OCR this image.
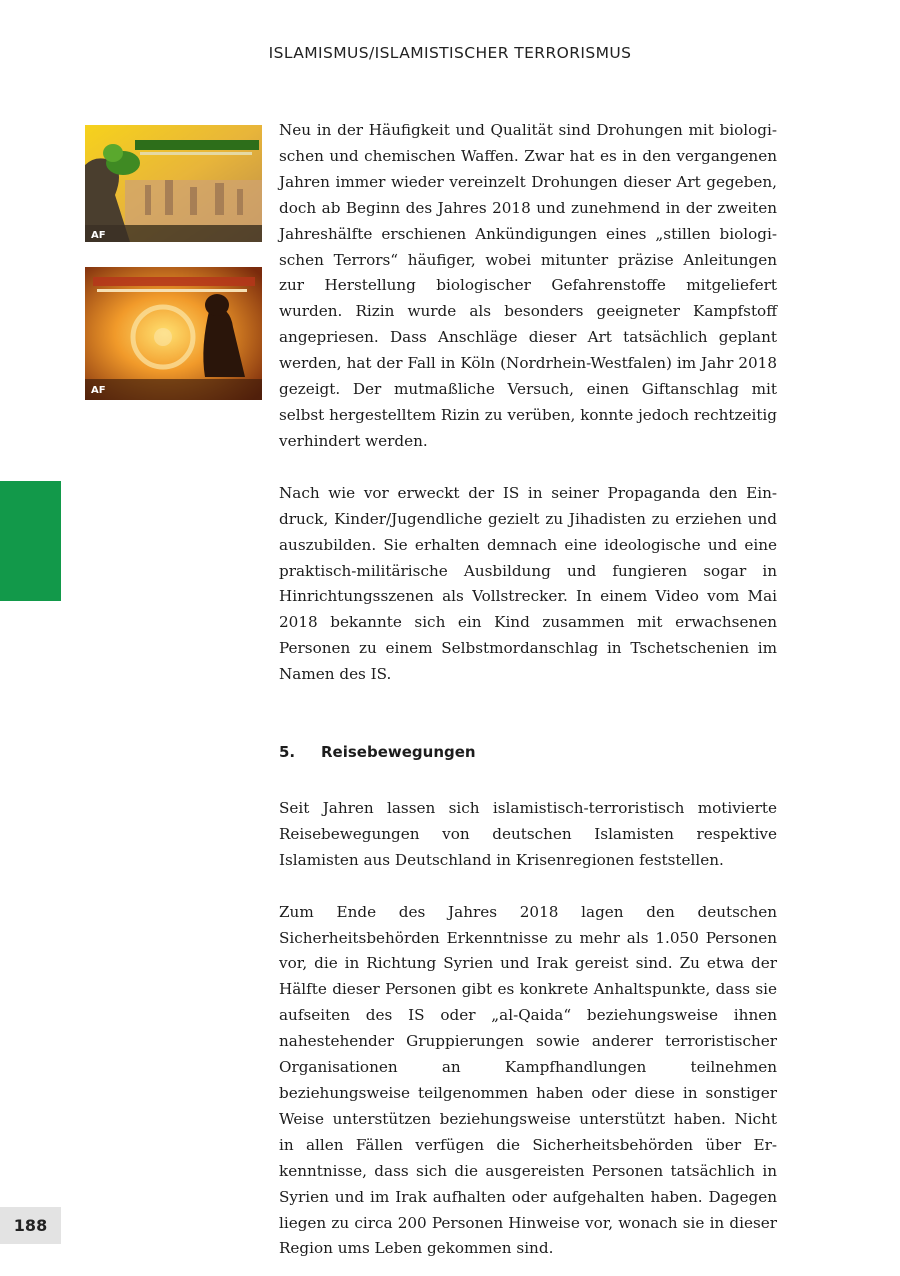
ISLAMISMUS/ISLAMISTISCHER TERRORISMUS
AF
AF

Neu in der Häufigkeit und Qualität sind Drohungen mit biologischen und chemischen Waffen. Zwar hat es in den vergangenen Jahren immer wieder vereinzelt Drohungen dieser Art gegeben, doch ab Beginn des Jahres 2018 und zunehmend in der zweiten Jahreshälfte erschienen Ankündigungen eines „stillen biologischen Terrors“ häufiger, wobei mitunter präzise Anleitungen zur Herstellung biologischer Gefahrenstoffe mitgeliefert wurden. Rizin wurde als besonders geeigneter Kampfstoff angepriesen. Dass Anschläge dieser Art tatsächlich geplant werden, hat der Fall in Köln (Nordrhein-Westfalen) im Jahr 2018 gezeigt. Der mutmaßliche Versuch, einen Giftanschlag mit selbst hergestelltem Rizin zu verüben, konnte jedoch rechtzeitig verhindert werden.

Nach wie vor erweckt der IS in seiner Propaganda den Eindruck, Kinder/Jugendliche gezielt zu Jihadisten zu erziehen und auszubilden. Sie erhalten demnach eine ideologische und eine praktisch-militärische Ausbildung und fungieren sogar in Hinrichtungsszenen als Vollstrecker. In einem Video vom Mai 2018 bekannte sich ein Kind zusammen mit erwachsenen Personen zu einem Selbstmordanschlag in Tschetschenien im Namen des IS.

5. Reisebewegungen

Seit Jahren lassen sich islamistisch-terroristisch motivierte Reisebewegungen von deutschen Islamisten respektive Islamisten aus Deutschland in Krisenregionen feststellen.

Zum Ende des Jahres 2018 lagen den deutschen Sicherheitsbehörden Erkenntnisse zu mehr als 1.050 Personen vor, die in Richtung Syrien und Irak gereist sind. Zu etwa der Hälfte dieser Personen gibt es konkrete Anhaltspunkte, dass sie aufseiten des IS oder „al-Qaida“ beziehungsweise ihnen nahestehender Gruppierungen sowie anderer terroristischer Organisationen an Kampfhandlungen teilnehmen beziehungsweise teilgenommen haben oder diese in sonstiger Weise unterstützen beziehungsweise unterstützt haben. Nicht in allen Fällen verfügen die Sicherheitsbehörden über Erkenntnisse, dass sich die ausgereisten Personen tatsächlich in Syrien und im Irak aufhalten oder aufgehalten haben. Dagegen liegen zu circa 200 Personen Hinweise vor, wonach sie in dieser Region ums Leben gekommen sind.

188
